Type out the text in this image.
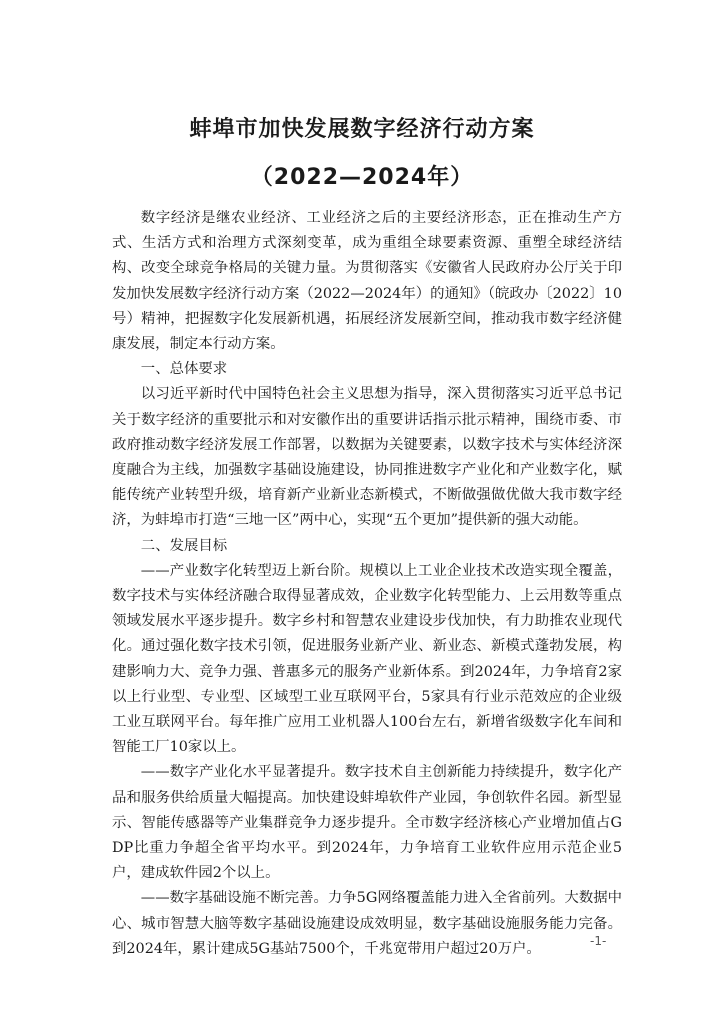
蚌埠市加快发展数字经济行动方案
（2022—2024年）

数字经济是继农业经济、工业经济之后的主要经济形态，正在推动生产方式、生活方式和治理方式深刻变革，成为重组全球要素资源、重塑全球经济结构、改变全球竞争格局的关键力量。为贯彻落实《安徽省人民政府办公厅关于印发加快发展数字经济行动方案（2022—2024年）的通知》（皖政办〔2022〕10号）精神，把握数字化发展新机遇，拓展经济发展新空间，推动我市数字经济健康发展，制定本行动方案。

一、总体要求

以习近平新时代中国特色社会主义思想为指导，深入贯彻落实习近平总书记关于数字经济的重要批示和对安徽作出的重要讲话指示批示精神，围绕市委、市政府推动数字经济发展工作部署，以数据为关键要素，以数字技术与实体经济深度融合为主线，加强数字基础设施建设，协同推进数字产业化和产业数字化，赋能传统产业转型升级，培育新产业新业态新模式，不断做强做优做大我市数字经济，为蚌埠市打造“三地一区”两中心，实现“五个更加”提供新的强大动能。

二、发展目标

——产业数字化转型迈上新台阶。规模以上工业企业技术改造实现全覆盖，数字技术与实体经济融合取得显著成效，企业数字化转型能力、上云用数等重点领域发展水平逐步提升。数字乡村和智慧农业建设步伐加快，有力助推农业现代化。通过强化数字技术引领，促进服务业新产业、新业态、新模式蓬勃发展，构建影响力大、竞争力强、普惠多元的服务产业新体系。到2024年，力争培育2家以上行业型、专业型、区域型工业互联网平台，5家具有行业示范效应的企业级工业互联网平台。每年推广应用工业机器人100台左右，新增省级数字化车间和智能工厂10家以上。

——数字产业化水平显著提升。数字技术自主创新能力持续提升，数字化产品和服务供给质量大幅提高。加快建设蚌埠软件产业园，争创软件名园。新型显示、智能传感器等产业集群竞争力逐步提升。全市数字经济核心产业增加值占GDP比重力争超全省平均水平。到2024年，力争培育工业软件应用示范企业5户，建成软件园2个以上。

——数字基础设施不断完善。力争5G网络覆盖能力进入全省前列。大数据中心、城市智慧大脑等数字基础设施建设成效明显，数字基础设施服务能力完备。到2024年，累计建成5G基站7500个，千兆宽带用户超过20万户。	-1-
